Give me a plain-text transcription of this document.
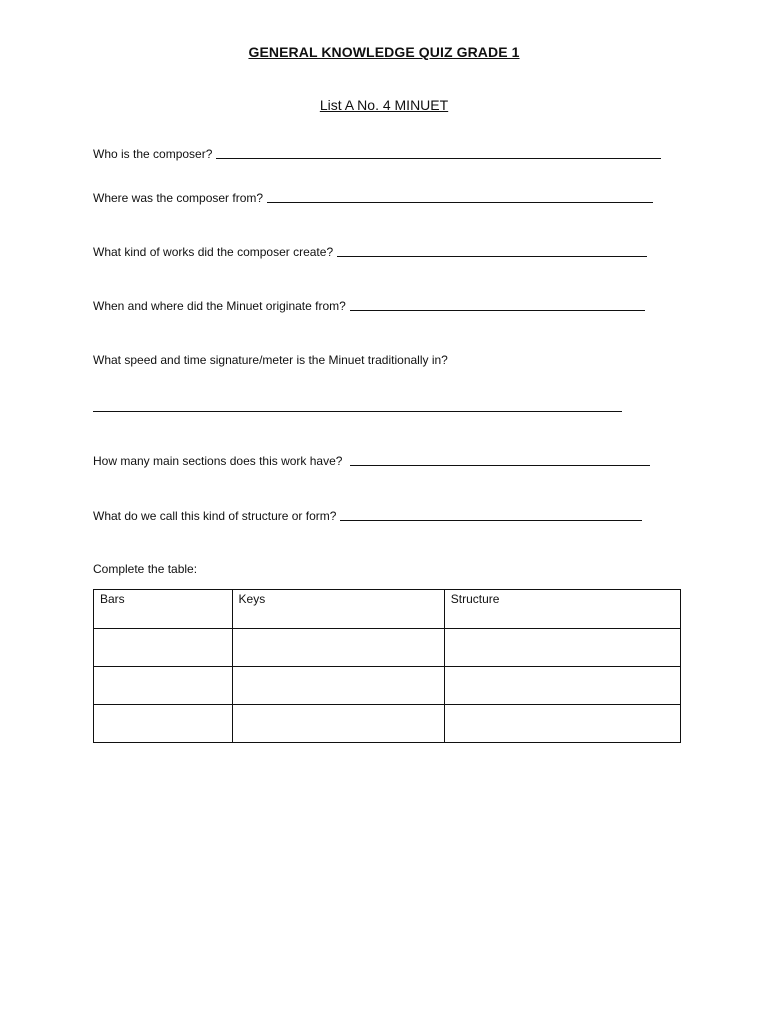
GENERAL KNOWLEDGE QUIZ GRADE 1
List A No. 4 MINUET
Who is the composer?
Where was the composer from?
What kind of works did the composer create?
When and where did the Minuet originate from?
What speed and time signature/meter is the Minuet traditionally in?
How many main sections does this work have?
What do we call this kind of structure or form?
Complete the table:
Bars	Keys	Structure
